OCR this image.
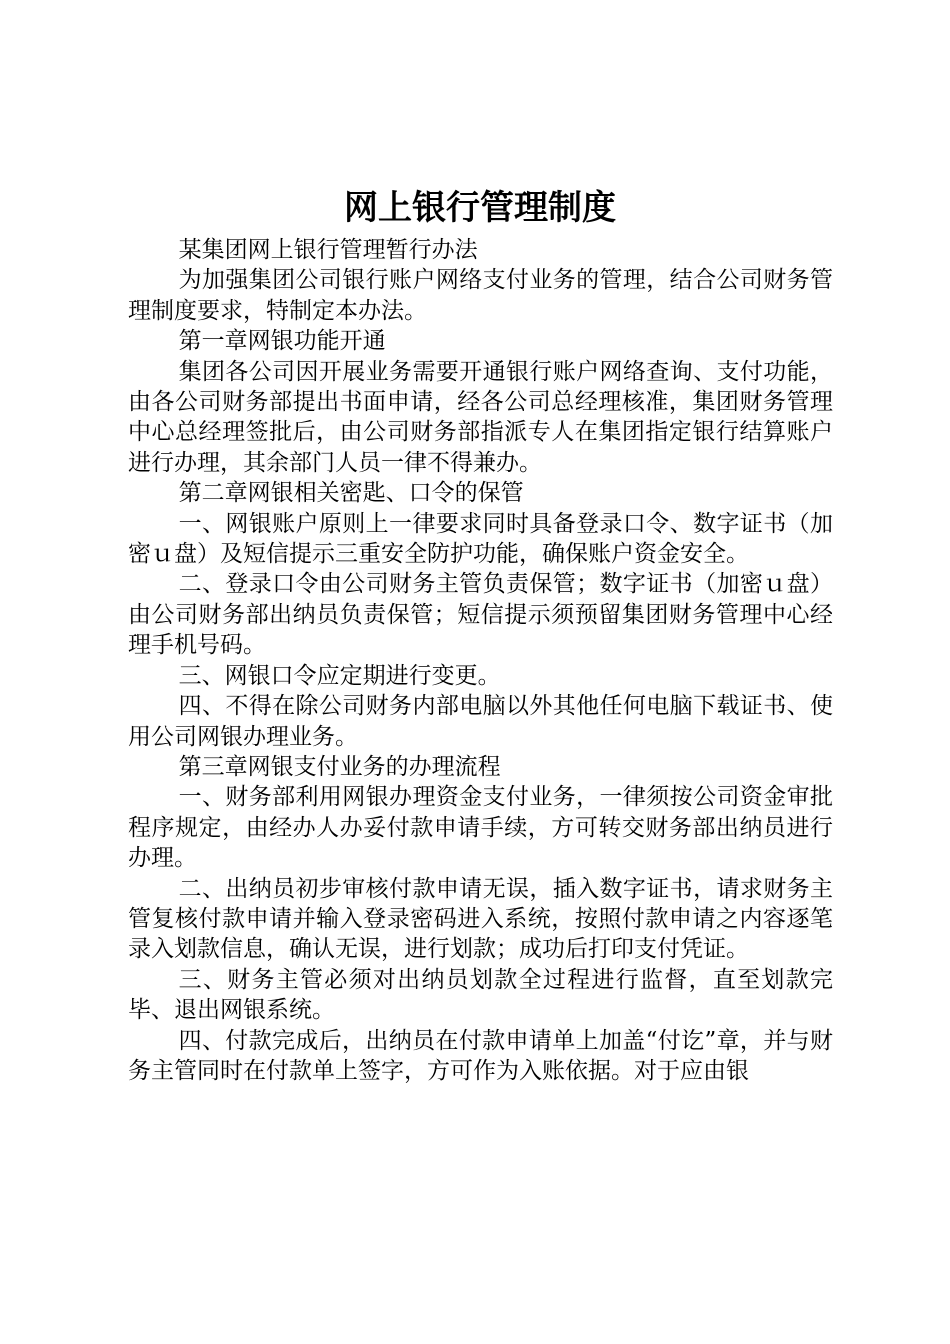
网上银行管理制度

某集团网上银行管理暂行办法

为加强集团公司银行账户网络支付业务的管理，结合公司财务管理制度要求，特制定本办法。

第一章网银功能开通

集团各公司因开展业务需要开通银行账户网络查询、支付功能，由各公司财务部提出书面申请，经各公司总经理核准，集团财务管理中心总经理签批后，由公司财务部指派专人在集团指定银行结算账户进行办理，其余部门人员一律不得兼办。

第二章网银相关密匙、口令的保管

一、网银账户原则上一律要求同时具备登录口令、数字证书（加密ｕ盘）及短信提示三重安全防护功能，确保账户资金安全。

二、登录口令由公司财务主管负责保管；数字证书（加密ｕ盘）由公司财务部出纳员负责保管；短信提示须预留集团财务管理中心经理手机号码。

三、网银口令应定期进行变更。

四、不得在除公司财务内部电脑以外其他任何电脑下载证书、使用公司网银办理业务。

第三章网银支付业务的办理流程

一、财务部利用网银办理资金支付业务，一律须按公司资金审批程序规定，由经办人办妥付款申请手续，方可转交财务部出纳员进行办理。

二、出纳员初步审核付款申请无误，插入数字证书，请求财务主管复核付款申请并输入登录密码进入系统，按照付款申请之内容逐笔录入划款信息，确认无误，进行划款；成功后打印支付凭证。

三、财务主管必须对出纳员划款全过程进行监督，直至划款完毕、退出网银系统。

四、付款完成后，出纳员在付款申请单上加盖“付讫”章，并与财务主管同时在付款单上签字，方可作为入账依据。对于应由银
